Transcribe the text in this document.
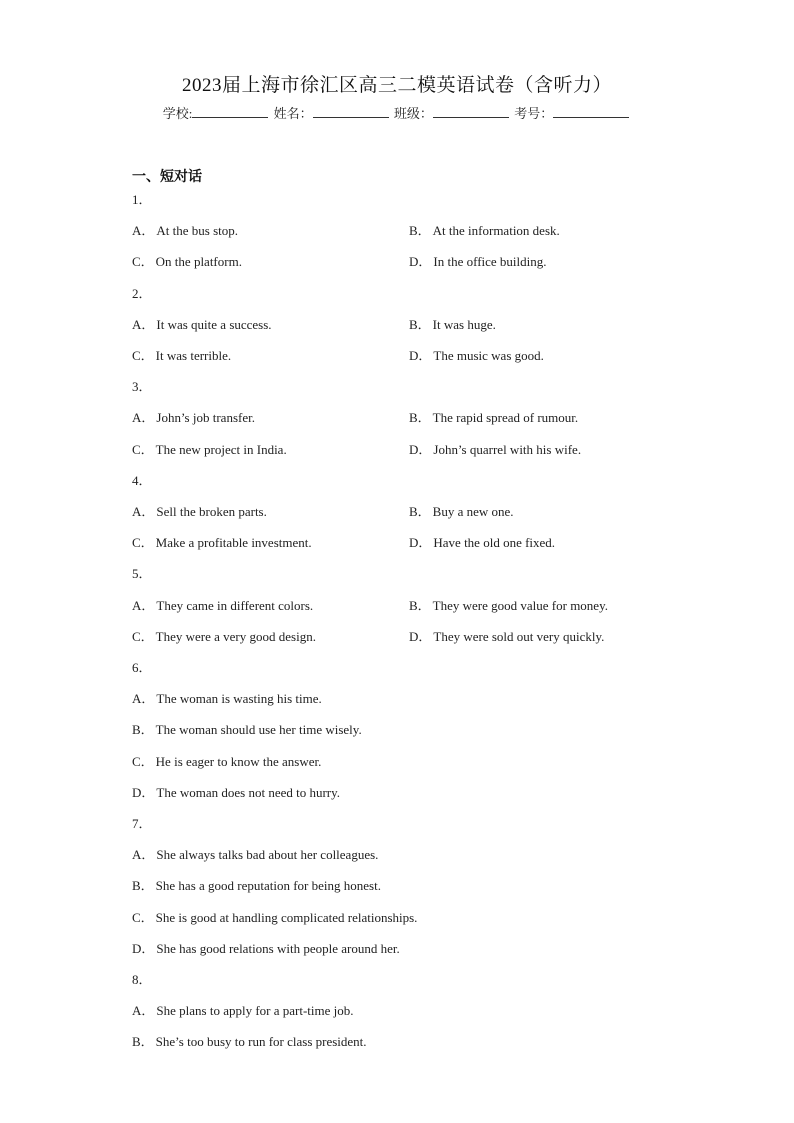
2023届上海市徐汇区高三二模英语试卷（含听力）
学校:	姓名：	班级：	考号：
一、短对话
1．
A． At the bus stop.	B． At the information desk.
C． On the platform.	D． In the office building.
2．
A． It was quite a success.	B． It was huge.
C． It was terrible.	D． The music was good.
3．
A． John’s job transfer.	B． The rapid spread of rumour.
C． The new project in India.	D． John’s quarrel with his wife.
4．
A． Sell the broken parts.	B． Buy a new one.
C． Make a profitable investment.	D． Have the old one fixed.
5．
A． They came in different colors.	B． They were good value for money.
C． They were a very good design.	D． They were sold out very quickly.
6．
A． The woman is wasting his time.
B． The woman should use her time wisely.
C． He is eager to know the answer.
D． The woman does not need to hurry.
7．
A． She always talks bad about her colleagues.
B． She has a good reputation for being honest.
C． She is good at handling complicated relationships.
D． She has good relations with people around her.
8．
A． She plans to apply for a part-time job.
B． She’s too busy to run for class president.
